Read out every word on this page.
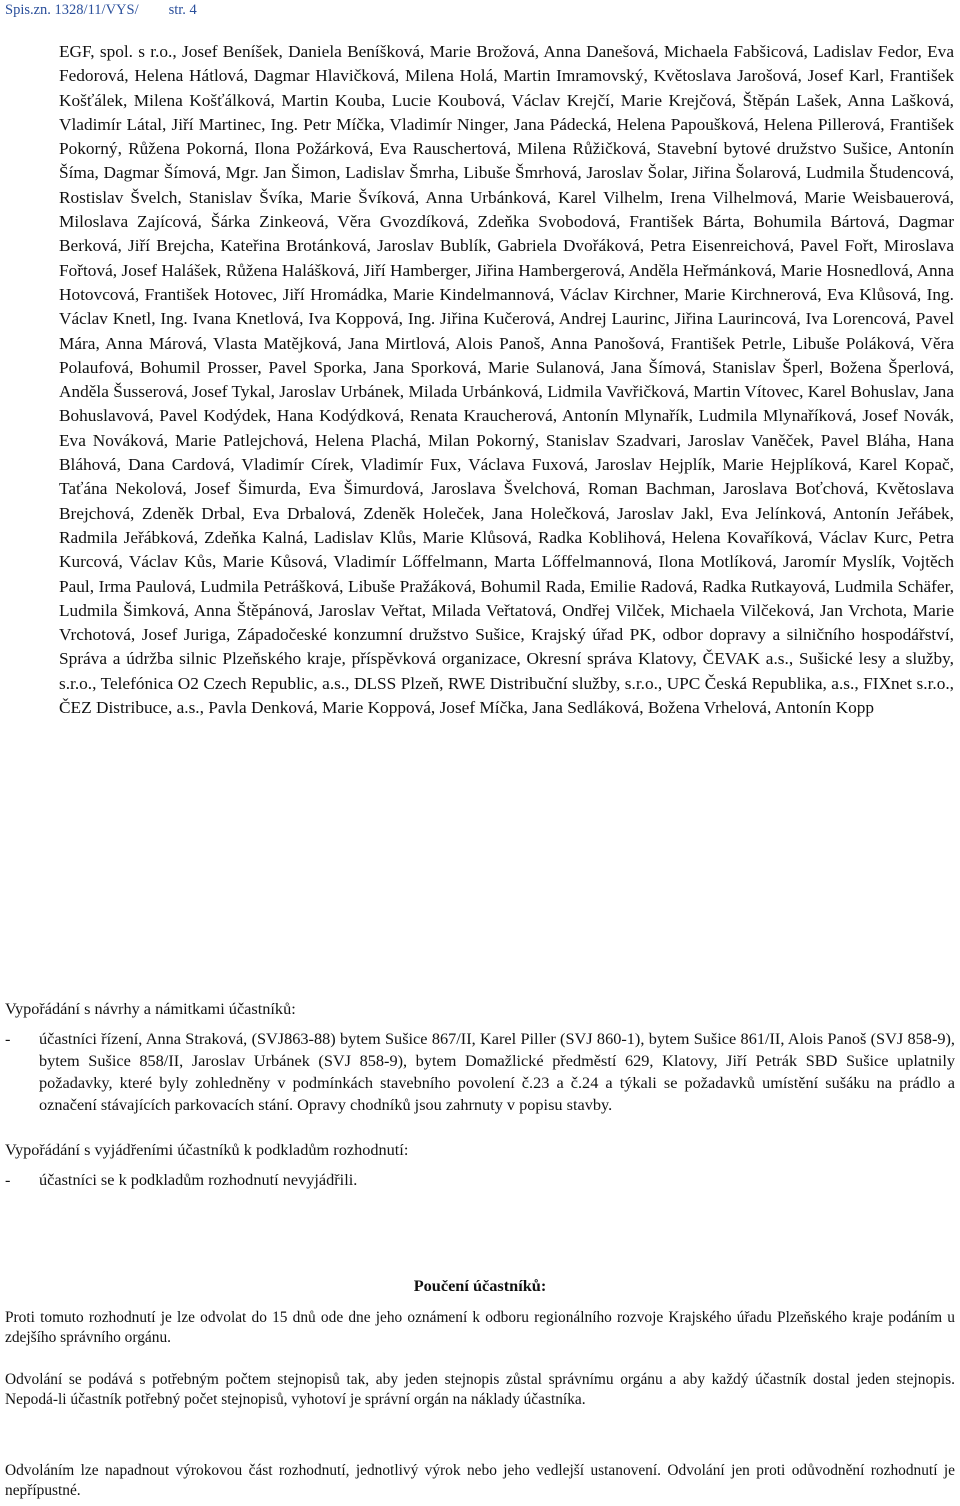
Spis.zn. 1328/11/VYS/ str. 4
EGF, spol. s r.o., Josef Beníšek, Daniela Beníšková, Marie Brožová, Anna Danešová, Michaela Fabšicová, Ladislav Fedor, Eva Fedorová, Helena Hátlová, Dagmar Hlavičková, Milena Holá, Martin Imramovský, Květoslava Jarošová, Josef Karl, František Košťálek, Milena Košťálková, Martin Kouba, Lucie Koubová, Václav Krejčí, Marie Krejčová, Štěpán Lašek, Anna Lašková, Vladimír Látal, Jiří Martinec, Ing. Petr Míčka, Vladimír Ninger, Jana Pádecká, Helena Papoušková, Helena Pillerová, František Pokorný, Růžena Pokorná, Ilona Požárková, Eva Rauschertová, Milena Růžičková, Stavební bytové družstvo Sušice, Antonín Šíma, Dagmar Šímová, Mgr. Jan Šimon, Ladislav Šmrha, Libuše Šmrhová, Jaroslav Šolar, Jiřina Šolarová, Ludmila Študencová, Rostislav Švelch, Stanislav Švíka, Marie Švíková, Anna Urbánková, Karel Vilhelm, Irena Vilhelmová, Marie Weisbauerová, Miloslava Zajícová, Šárka Zinkeová, Věra Gvozdíková, Zdeňka Svobodová, František Bárta, Bohumila Bártová, Dagmar Berková, Jiří Brejcha, Kateřina Brotánková, Jaroslav Bublík, Gabriela Dvořáková, Petra Eisenreichová, Pavel Fořt, Miroslava Fořtová, Josef Halášek, Růžena Halášková, Jiří Hamberger, Jiřina Hambergerová, Anděla Heřmánková, Marie Hosnedlová, Anna Hotovcová, František Hotovec, Jiří Hromádka, Marie Kindelmannová, Václav Kirchner, Marie Kirchnerová, Eva Klůsová, Ing. Václav Knetl, Ing. Ivana Knetlová, Iva Koppová, Ing. Jiřina Kučerová, Andrej Laurinc, Jiřina Laurincová, Iva Lorencová, Pavel Mára, Anna Márová, Vlasta Matějková, Jana Mirtlová, Alois Panoš, Anna Panošová, František Petrle, Libuše Poláková, Věra Polaufová, Bohumil Prosser, Pavel Sporka, Jana Sporková, Marie Sulanová, Jana Šímová, Stanislav Šperl, Božena Šperlová, Anděla Šusserová, Josef Tykal, Jaroslav Urbánek, Milada Urbánková, Lidmila Vavřičková, Martin Vítovec, Karel Bohuslav, Jana Bohuslavová, Pavel Kodýdek, Hana Kodýdková, Renata Kraucherová, Antonín Mlynařík, Ludmila Mlynaříková, Josef Novák, Eva Nováková, Marie Patlejchová, Helena Plachá, Milan Pokorný, Stanislav Szadvari, Jaroslav Vaněček, Pavel Bláha, Hana Bláhová, Dana Cardová, Vladimír Círek, Vladimír Fux, Václava Fuxová, Jaroslav Hejplík, Marie Hejplíková, Karel Kopač, Taťána Nekolová, Josef Šimurda, Eva Šimurdová, Jaroslava Švelchová, Roman Bachman, Jaroslava Boťchová, Květoslava Brejchová, Zdeněk Drbal, Eva Drbalová, Zdeněk Holeček, Jana Holečková, Jaroslav Jakl, Eva Jelínková, Antonín Jeřábek, Radmila Jeřábková, Zdeňka Kalná, Ladislav Klůs, Marie Klůsová, Radka Koblihová, Helena Kovaříková, Václav Kurc, Petra Kurcová, Václav Kůs, Marie Kůsová, Vladimír Lőffelmann, Marta Lőffelmannová, Ilona Motlíková, Jaromír Myslík, Vojtěch Paul, Irma Paulová, Ludmila Petrášková, Libuše Pražáková, Bohumil Rada, Emilie Radová, Radka Rutkayová, Ludmila Schäfer, Ludmila Šimková, Anna Štěpánová, Jaroslav Veřtat, Milada Veřtatová, Ondřej Vilček, Michaela Vilčeková, Jan Vrchota, Marie Vrchotová, Josef Juriga, Západočeské konzumní družstvo Sušice, Krajský úřad PK, odbor dopravy a silničního hospodářství, Správa a údržba silnic Plzeňského kraje, příspěvková organizace, Okresní správa Klatovy, ČEVAK a.s., Sušické lesy a služby, s.r.o., Telefónica O2 Czech Republic, a.s., DLSS Plzeň, RWE Distribuční služby, s.r.o., UPC Česká Republika, a.s., FIXnet s.r.o., ČEZ Distribuce, a.s., Pavla Denková, Marie Koppová, Josef Míčka, Jana Sedláková, Božena Vrhelová, Antonín Kopp
Vypořádání s návrhy a námitkami účastníků:
- účastníci řízení, Anna Straková, (SVJ863-88) bytem Sušice 867/II, Karel Piller (SVJ 860-1), bytem Sušice 861/II, Alois Panoš (SVJ 858-9), bytem Sušice 858/II, Jaroslav Urbánek (SVJ 858-9), bytem Domažlické předměstí 629, Klatovy, Jiří Petrák SBD Sušice uplatnily požadavky, které byly zohledněny v podmínkách stavebního povolení č.23 a č.24 a týkali se požadavků umístění sušáku na prádlo a označení stávajících parkovacích stání. Opravy chodníků jsou zahrnuty v popisu stavby.
Vypořádání s vyjádřeními účastníků k podkladům rozhodnutí:
- účastníci se k podkladům rozhodnutí nevyjádřili.
Poučení účastníků:
Proti tomuto rozhodnutí je lze odvolat do 15 dnů ode dne jeho oznámení k odboru regionálního rozvoje Krajského úřadu Plzeňského kraje podáním u zdejšího správního orgánu.
Odvolání se podává s potřebným počtem stejnopisů tak, aby jeden stejnopis zůstal správnímu orgánu a aby každý účastník dostal jeden stejnopis. Nepodá-li účastník potřebný počet stejnopisů, vyhotoví je správní orgán na náklady účastníka.
Odvoláním lze napadnout výrokovou část rozhodnutí, jednotlivý výrok nebo jeho vedlejší ustanovení. Odvolání jen proti odůvodnění rozhodnutí je nepřípustné.
